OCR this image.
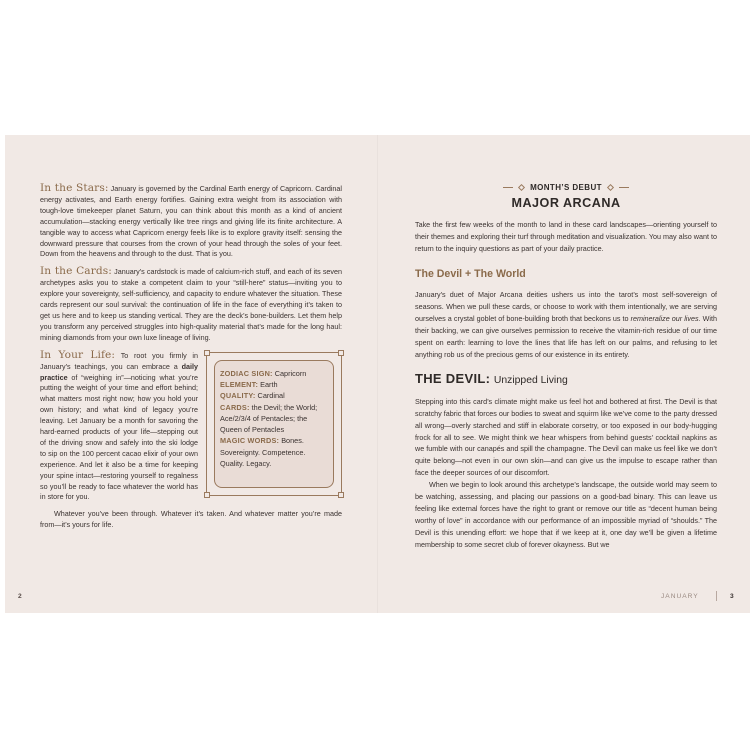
In the Stars: January is governed by the Cardinal Earth energy of Capricorn. Cardinal energy activates, and Earth energy fortifies. Gaining extra weight from its association with tough-love timekeeper planet Saturn, you can think about this month as a kind of ancient accumulation—stacking energy vertically like tree rings and giving life its finite architecture. A tangible way to access what Capricorn energy feels like is to explore gravity itself: sensing the downward pressure that courses from the crown of your head through the soles of your feet. Down from the heavens and through to the dust. That is you.

In the Cards: January’s cardstock is made of calcium-rich stuff, and each of its seven archetypes asks you to stake a competent claim to your “still-here” status—inviting you to explore your sovereignty, self-sufficiency, and capacity to endure whatever the situation. These cards represent our soul survival: the continuation of life in the face of everything it’s taken to get us here and to keep us standing vertical. They are the deck’s bone-builders. Let them help you transform any perceived struggles into high-quality material that’s made for the long haul: mining diamonds from your own luxe lineage of living.

ZODIAC SIGN: Capricorn
ELEMENT: Earth
QUALITY: Cardinal
CARDS: the Devil; the World; Ace/2/3/4 of Pentacles; the Queen of Pentacles
MAGIC WORDS: Bones. Sovereignty. Competence. Quality. Legacy.
In Your Life: To root you firmly in January’s teachings, you can embrace a daily practice of “weighing in”—noticing what you’re putting the weight of your time and effort behind; what matters most right now; how you hold your own history; and what kind of legacy you’re leaving. Let January be a month for savoring the hard-earned products of your life—stepping out of the driving snow and safely into the ski lodge to sip on the 100 percent cacao elixir of your own experience. And let it also be a time for keeping your spine intact—restoring yourself to regalness so you’ll be ready to face whatever the world has in store for you.

Whatever you’ve been through. Whatever it’s taken. And whatever matter you’re made from—it’s yours for life.

MONTH’S DEBUT
MAJOR ARCANA

Take the first few weeks of the month to land in these card landscapes—orienting yourself to their themes and exploring their turf through meditation and visualization. You may also want to return to the inquiry questions as part of your daily practice.

The Devil + The World

January’s duet of Major Arcana deities ushers us into the tarot’s most self-sovereign of seasons. When we pull these cards, or choose to work with them intentionally, we are serving ourselves a crystal goblet of bone-building broth that beckons us to remineralize our lives. With their backing, we can give ourselves permission to receive the vitamin-rich residue of our time spent on earth: learning to love the lines that life has left on our palms, and refusing to let anything rob us of the precious gems of our existence in its entirety.

THE DEVIL: Unzipped Living

Stepping into this card’s climate might make us feel hot and bothered at first. The Devil is that scratchy fabric that forces our bodies to sweat and squirm like we’ve come to the party dressed all wrong—overly starched and stiff in elaborate corsetry, or too exposed in our body-hugging frock for all to see. We might think we hear whispers from behind guests’ cocktail napkins as we fumble with our canapés and spill the champagne. The Devil can make us feel like we don’t quite belong—not even in our own skin—and can give us the impulse to escape rather than face the deeper sources of our discomfort.

When we begin to look around this archetype’s landscape, the outside world may seem to be watching, assessing, and placing our passions on a good-bad binary. This can leave us feeling like external forces have the right to grant or remove our title as “decent human being worthy of love” in accordance with our performance of an impossible myriad of “shoulds.” The Devil is this unending effort: we hope that if we keep at it, one day we’ll be given a lifetime membership to some secret club of forever okayness. But we

2	JANUARY	3
